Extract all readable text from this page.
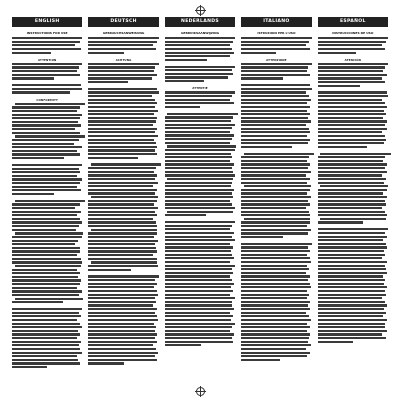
ENGLISH
INSTRUCTIONS FOR USE
ATTENTION
CONFORMITY
DEUTSCH
GEBRAUCHSANWEISUNG
ACHTUNG
NEDERLANDS
GEBRUIKSAANWIJZING
ATTENTIE
ITALIANO
ISTRUZIONI PER L'USO
ATTENZIONE
ESPAÑOL
INSTRUCCIONES DE USO
ATENCIÓN
